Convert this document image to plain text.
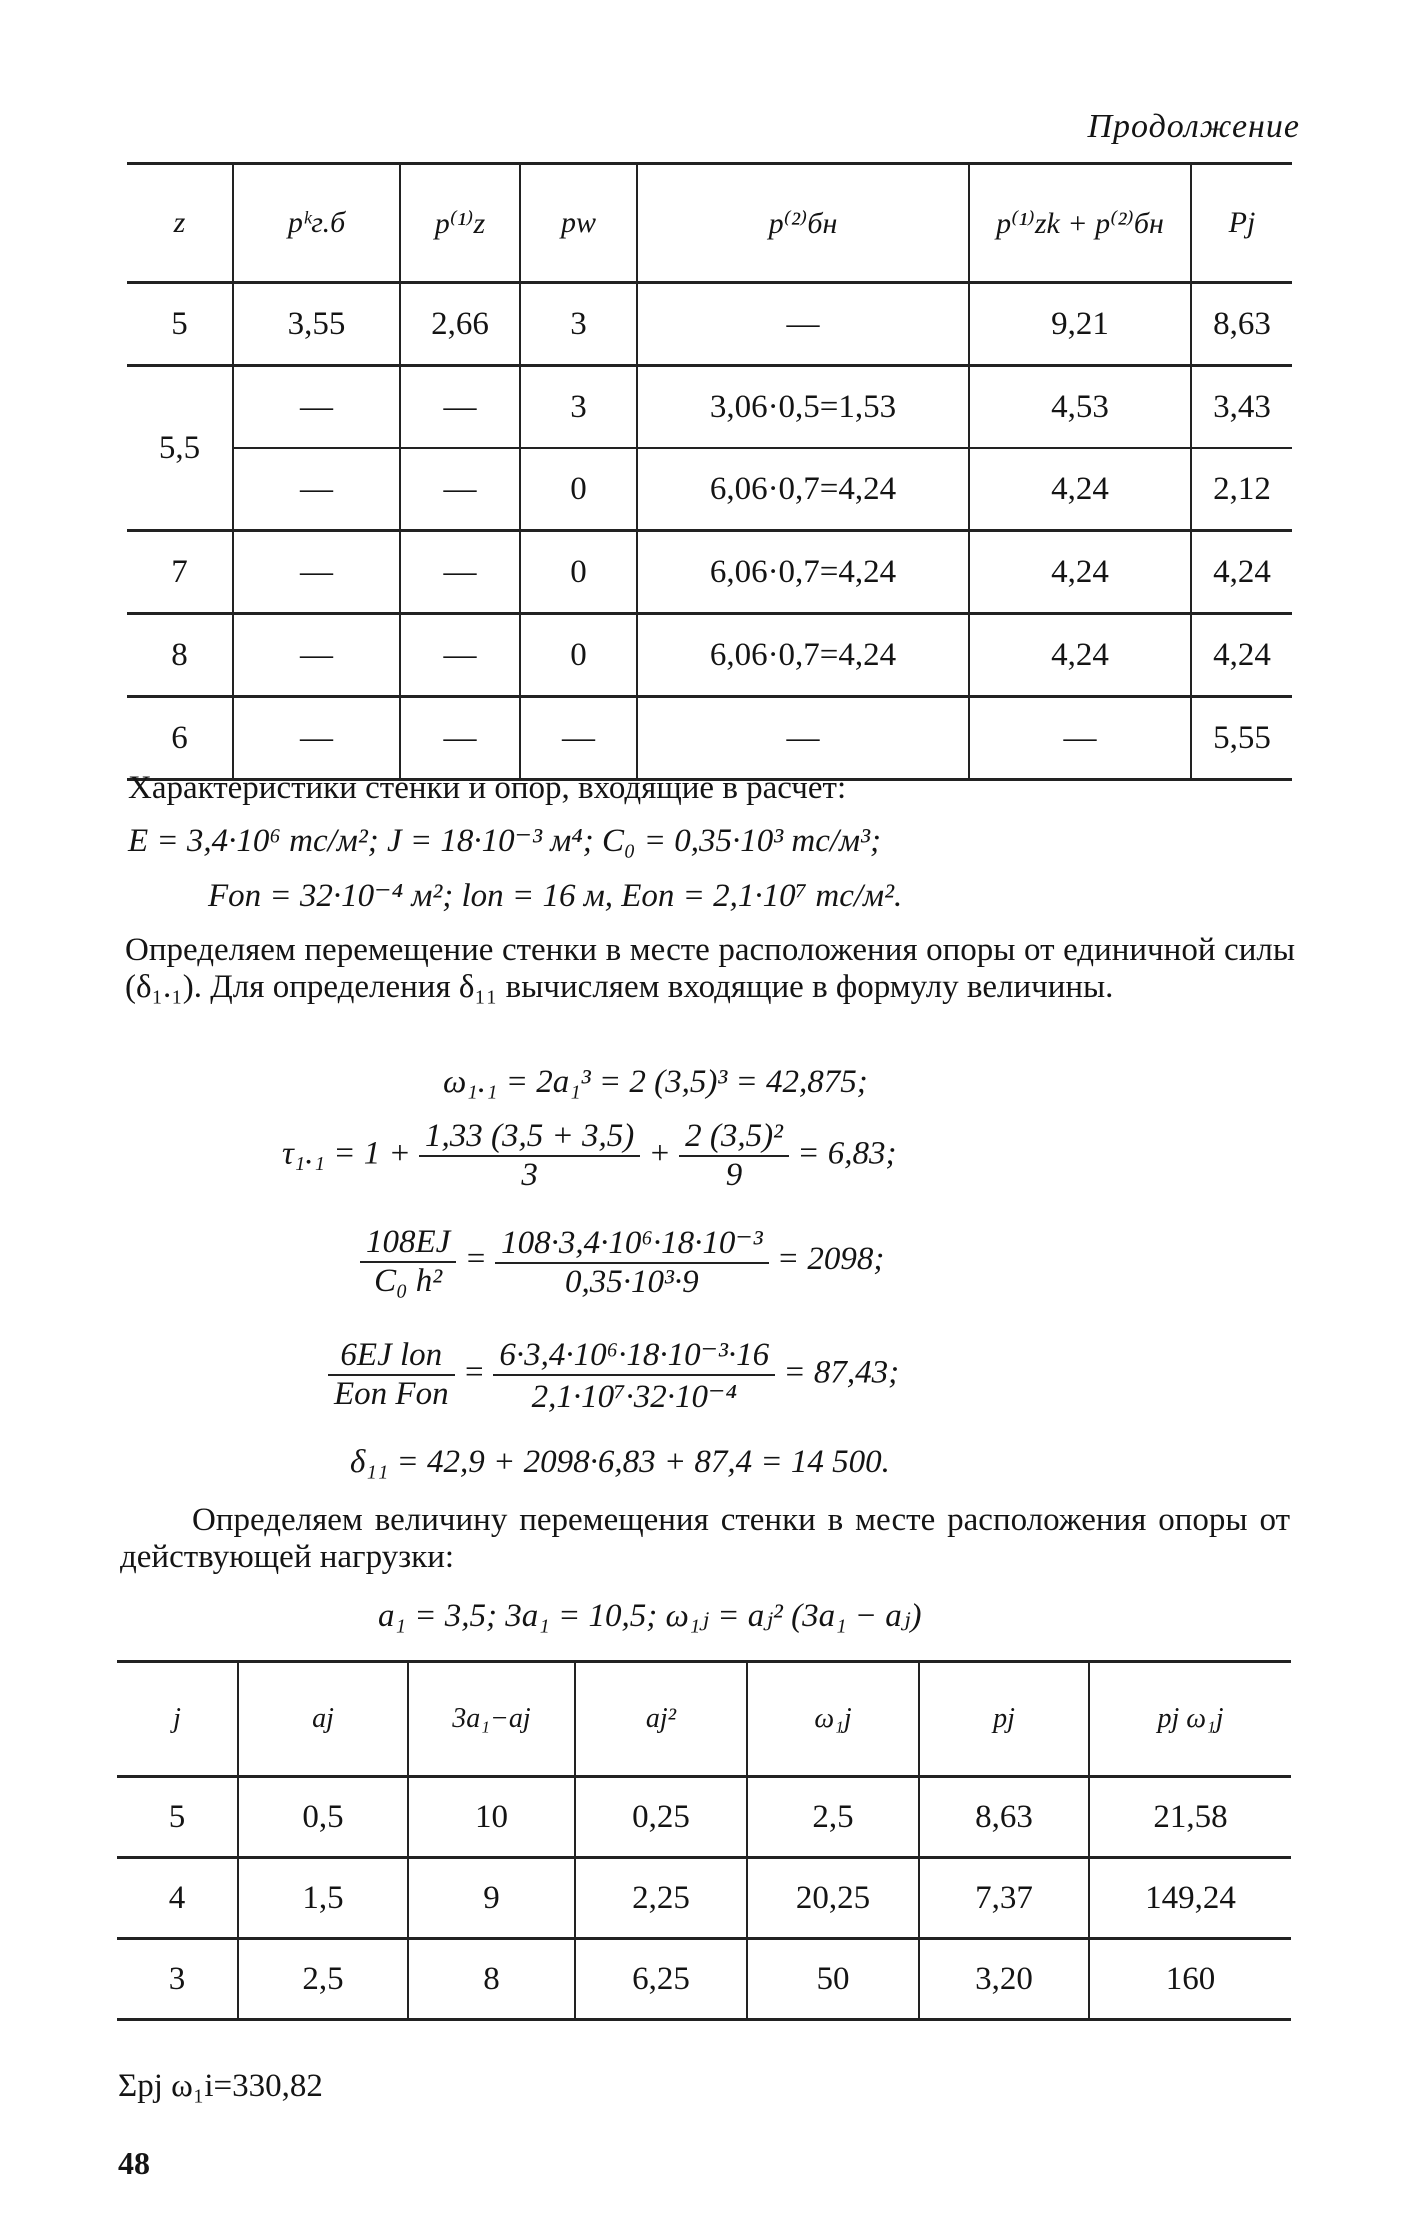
Продолжение
z	pᵏг.б	p⁽¹⁾z	pw	p⁽²⁾бн	p⁽¹⁾zk + p⁽²⁾бн	Pj
5	3,55	2,66	3	—	9,21	8,63
5,5	—	—	3	3,06·0,5=1,53	4,53	3,43
	—	—	0	6,06·0,7=4,24	4,24	2,12
7	—	—	0	6,06·0,7=4,24	4,24	4,24
8	—	—	0	6,06·0,7=4,24	4,24	4,24
6	—	—	—	—	—	5,55
Характеристики стенки и опор, входящие в расчет:
E = 3,4·10⁶ тс/м²; J = 18·10⁻³ м⁴; C₀ = 0,35·10³ тс/м³;
Fоп = 32·10⁻⁴ м²; lоп = 16 м, Eоп = 2,1·10⁷ тс/м².
Определяем перемещение стенки в месте расположения опоры от единичной силы (δ₁.₁). Для определения δ₁₁ вычисляем входящие в формулу величины.
ω₁.₁ = 2a₁³ = 2 (3,5)³ = 42,875;
$\tau_1._1 = 1 + \frac{1,33 (3,5 + 3,5)}{3} + \frac{\text{2 (3,5)²}}{9} = 6,83$;
$\frac{108EJ}{\text{C₀ h²}} = \frac{\text{108·3,4·10⁶·18·10⁻³}}{\text{0,35·10³·9}} = 2098$;
$\frac{\text{6EJ lоп}}{\text{Eоп Fоп}} = \frac{\text{6·3,4·10⁶·18·10⁻³·16}}{\text{2,1·10⁷·32·10⁻⁴}} = 87,43$;
δ₁₁ = 42,9 + 2098·6,83 + 87,4 = 14 500.
Определяем величину перемещения стенки в месте расположения опоры от действующей нагрузки:
a₁ = 3,5; 3a₁ = 10,5; ω₁ⱼ = aⱼ² (3a₁ − aⱼ)
j	aj	3a₁−aj	aj²	ω₁j	pj	pj ω₁j
5	0,5	10	0,25	2,5	8,63	21,58
4	1,5	9	2,25	20,25	7,37	149,24
3	2,5	8	6,25	50	3,20	160
Σpj ω₁i=330,82
48
